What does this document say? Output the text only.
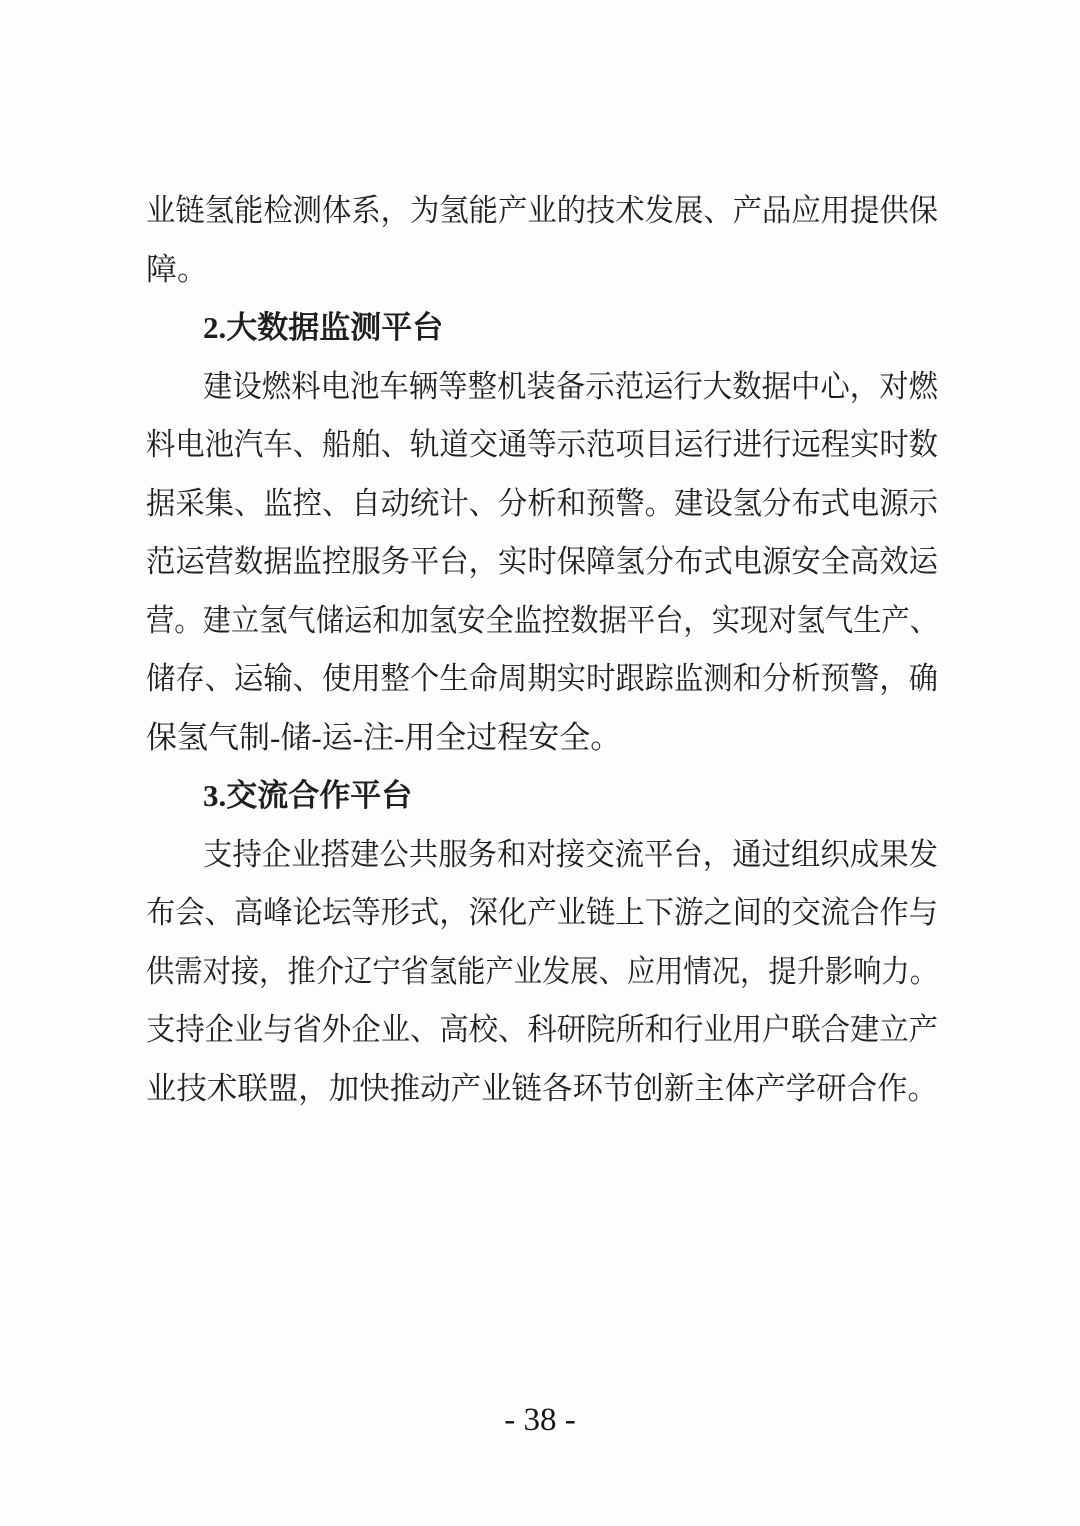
业链氢能检测体系，为氢能产业的技术发展、产品应用提供保
障。
2.大数据监测平台
建设燃料电池车辆等整机装备示范运行大数据中心，对燃
料电池汽车、船舶、轨道交通等示范项目运行进行远程实时数
据采集、监控、自动统计、分析和预警。建设氢分布式电源示
范运营数据监控服务平台，实时保障氢分布式电源安全高效运
营。建立氢气储运和加氢安全监控数据平台，实现对氢气生产、
储存、运输、使用整个生命周期实时跟踪监测和分析预警，确
保氢气制-储-运-注-用全过程安全。
3.交流合作平台
支持企业搭建公共服务和对接交流平台，通过组织成果发
布会、高峰论坛等形式，深化产业链上下游之间的交流合作与
供需对接，推介辽宁省氢能产业发展、应用情况，提升影响力。
支持企业与省外企业、高校、科研院所和行业用户联合建立产
业技术联盟，加快推动产业链各环节创新主体产学研合作。
- 38 -
